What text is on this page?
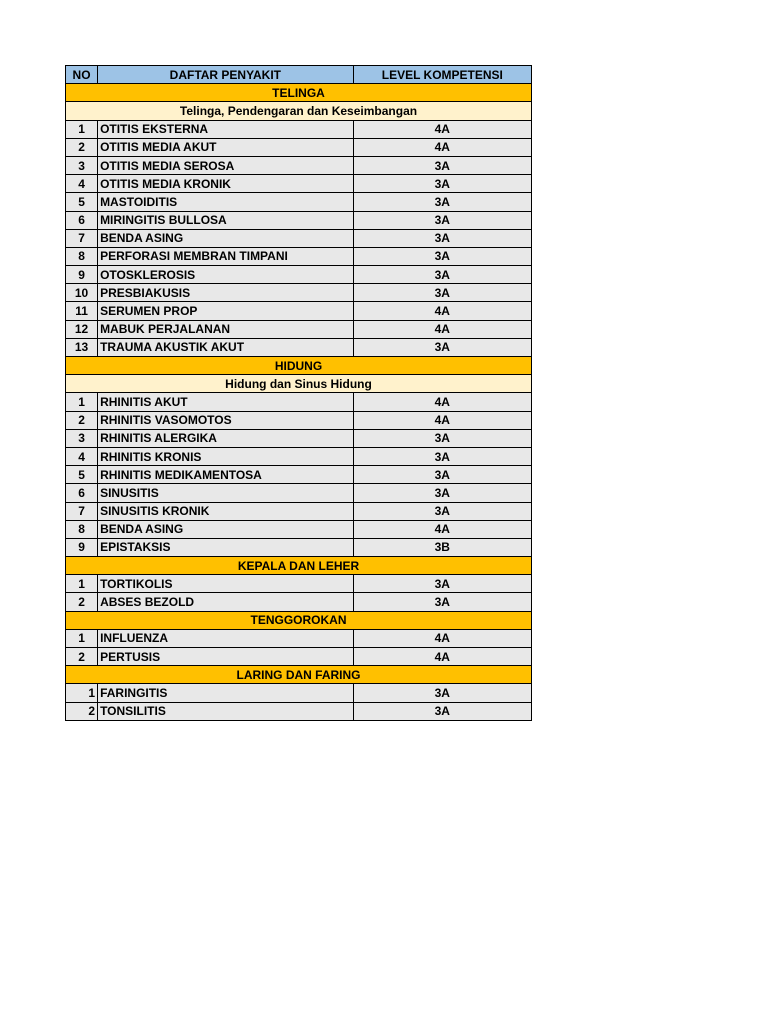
NO	DAFTAR PENYAKIT	LEVEL KOMPETENSI
TELINGA		
Telinga, Pendengaran dan Keseimbangan		
1	OTITIS EKSTERNA	4A
2	OTITIS MEDIA AKUT	4A
3	OTITIS MEDIA SEROSA	3A
4	OTITIS MEDIA KRONIK	3A
5	MASTOIDITIS	3A
6	MIRINGITIS BULLOSA	3A
7	BENDA ASING	3A
8	PERFORASI MEMBRAN TIMPANI	3A
9	OTOSKLEROSIS	3A
10	PRESBIAKUSIS	3A
11	SERUMEN PROP	4A
12	MABUK PERJALANAN	4A
13	TRAUMA AKUSTIK AKUT	3A
HIDUNG		
Hidung dan Sinus Hidung		
1	RHINITIS AKUT	4A
2	RHINITIS VASOMOTOS	4A
3	RHINITIS ALERGIKA	3A
4	RHINITIS KRONIS	3A
5	RHINITIS MEDIKAMENTOSA	3A
6	SINUSITIS	3A
7	SINUSITIS KRONIK	3A
8	BENDA ASING	4A
9	EPISTAKSIS	3B
KEPALA DAN LEHER		
1	TORTIKOLIS	3A
2	ABSES BEZOLD	3A
TENGGOROKAN		
1	INFLUENZA	4A
2	PERTUSIS	4A
LARING DAN FARING		
1	FARINGITIS	3A
2	TONSILITIS	3A
